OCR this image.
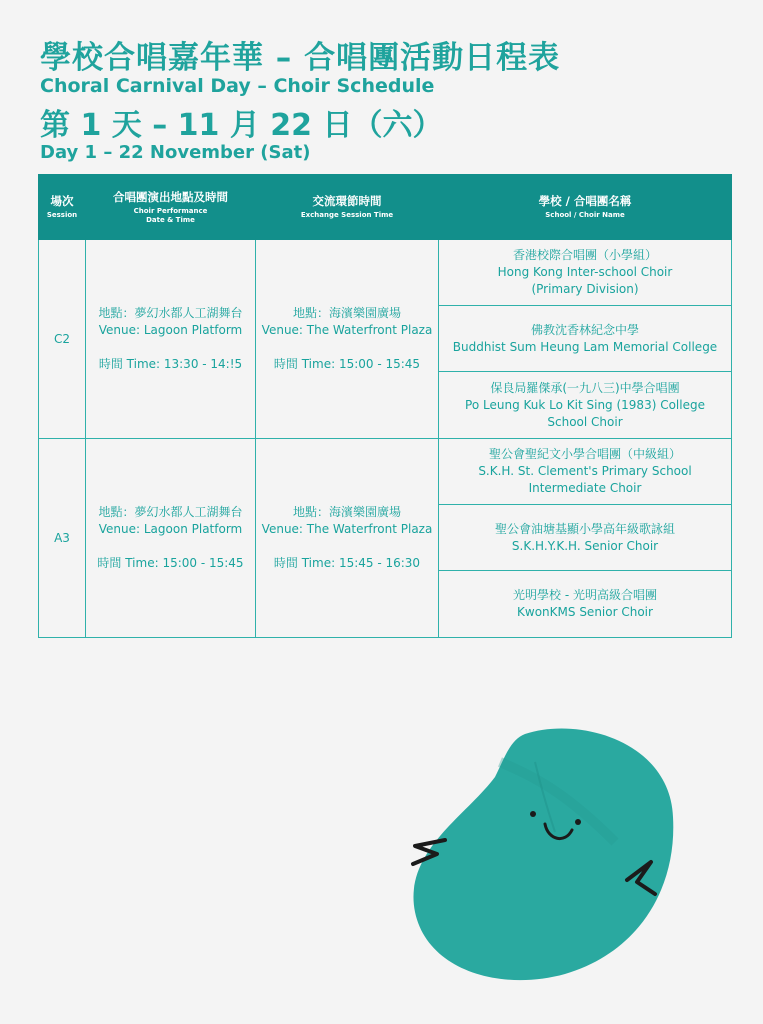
學校合唱嘉年華 – 合唱團活動日程表
Choral Carnival Day – Choir Schedule
第 1 天 – 11 月 22 日（六）
Day 1 – 22 November (Sat)
場次
Session	合唱團演出地點及時間
Choir Performance
Date & Time	交流環節時間
Exchange Session Time	學校 / 合唱團名稱
School / Choir Name

C2	地點：夢幻水都人工湖舞台
Venue: Lagoon Platform
時間 Time: 13:30 - 14:!5	地點：海濱樂園廣場
Venue: The Waterfront Plaza
時間 Time: 15:00 - 15:45	香港校際合唱團（小學組）
Hong Kong Inter-school Choir
(Primary Division)

			佛教沈香林紀念中學
Buddhist Sum Heung Lam Memorial College

			保良局羅傑承(一九八三)中學合唱團
Po Leung Kuk Lo Kit Sing (1983) College
School Choir

A3	地點：夢幻水都人工湖舞台
Venue: Lagoon Platform
時間 Time: 15:00 - 15:45	地點：海濱樂園廣場
Venue: The Waterfront Plaza
時間 Time: 15:45 - 16:30	聖公會聖紀文小學合唱團（中級組）
S.K.H. St. Clement's Primary School
Intermediate Choir

			聖公會油塘基顯小學高年級歌詠組
S.K.H.Y.K.H. Senior Choir

			光明學校 - 光明高級合唱團
KwonKMS Senior Choir
